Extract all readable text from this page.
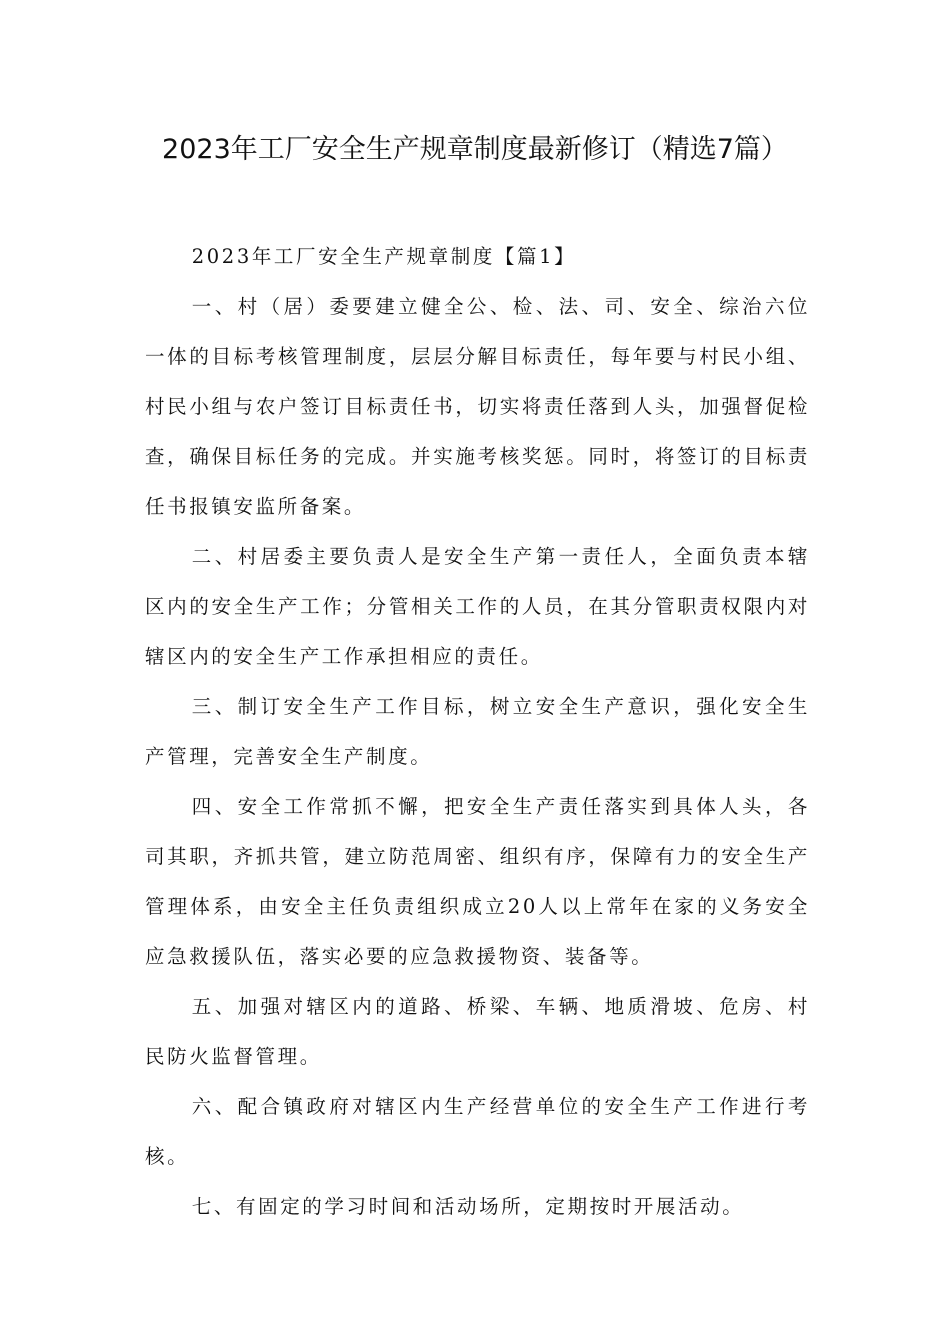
2023年工厂安全生产规章制度最新修订（精选7篇）

2023年工厂安全生产规章制度【篇1】

一、村（居）委要建立健全公、检、法、司、安全、综治六位一体的目标考核管理制度，层层分解目标责任，每年要与村民小组、村民小组与农户签订目标责任书，切实将责任落到人头，加强督促检查，确保目标任务的完成。并实施考核奖惩。同时，将签订的目标责任书报镇安监所备案。

二、村居委主要负责人是安全生产第一责任人，全面负责本辖区内的安全生产工作；分管相关工作的人员，在其分管职责权限内对辖区内的安全生产工作承担相应的责任。

三、制订安全生产工作目标，树立安全生产意识，强化安全生产管理，完善安全生产制度。

四、安全工作常抓不懈，把安全生产责任落实到具体人头，各司其职，齐抓共管，建立防范周密、组织有序，保障有力的安全生产管理体系，由安全主任负责组织成立20人以上常年在家的义务安全应急救援队伍，落实必要的应急救援物资、装备等。

五、加强对辖区内的道路、桥梁、车辆、地质滑坡、危房、村民防火监督管理。

六、配合镇政府对辖区内生产经营单位的安全生产工作进行考核。

七、有固定的学习时间和活动场所，定期按时开展活动。
